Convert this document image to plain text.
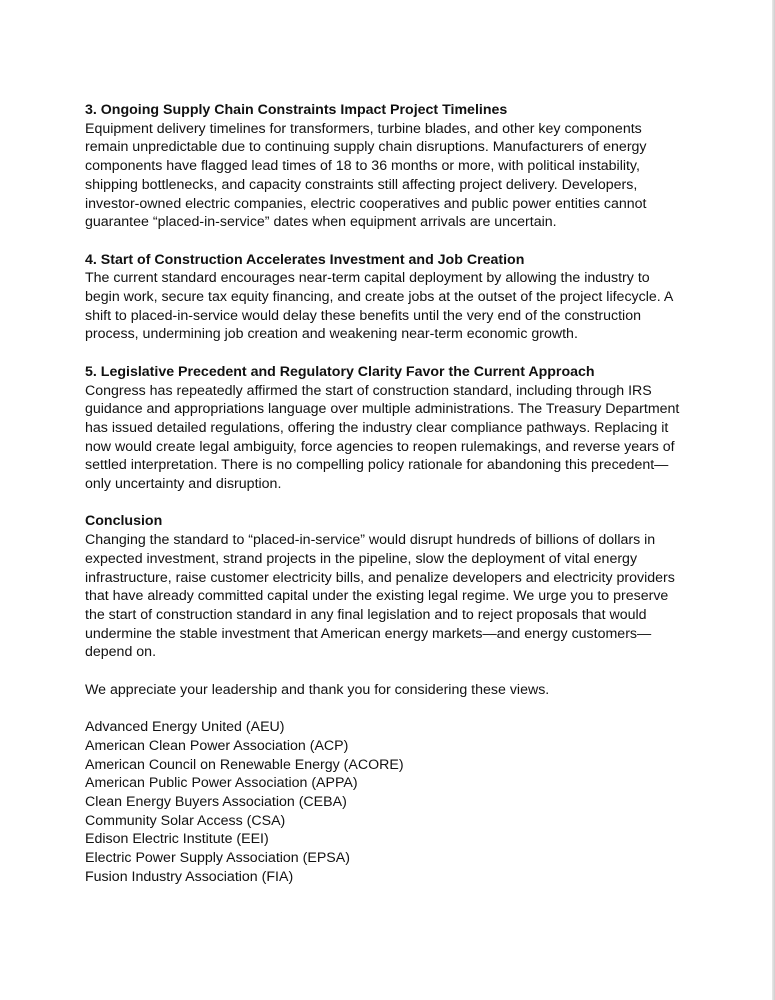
3. Ongoing Supply Chain Constraints Impact Project Timelines
Equipment delivery timelines for transformers, turbine blades, and other key components remain unpredictable due to continuing supply chain disruptions. Manufacturers of energy components have flagged lead times of 18 to 36 months or more, with political instability, shipping bottlenecks, and capacity constraints still affecting project delivery. Developers, investor-owned electric companies, electric cooperatives and public power entities cannot guarantee “placed-in-service” dates when equipment arrivals are uncertain.
4. Start of Construction Accelerates Investment and Job Creation
The current standard encourages near-term capital deployment by allowing the industry to begin work, secure tax equity financing, and create jobs at the outset of the project lifecycle. A shift to placed-in-service would delay these benefits until the very end of the construction process, undermining job creation and weakening near-term economic growth.
5. Legislative Precedent and Regulatory Clarity Favor the Current Approach
Congress has repeatedly affirmed the start of construction standard, including through IRS guidance and appropriations language over multiple administrations. The Treasury Department has issued detailed regulations, offering the industry clear compliance pathways. Replacing it now would create legal ambiguity, force agencies to reopen rulemakings, and reverse years of settled interpretation. There is no compelling policy rationale for abandoning this precedent—only uncertainty and disruption.
Conclusion
Changing the standard to “placed-in-service” would disrupt hundreds of billions of dollars in expected investment, strand projects in the pipeline, slow the deployment of vital energy infrastructure, raise customer electricity bills, and penalize developers and electricity providers that have already committed capital under the existing legal regime. We urge you to preserve the start of construction standard in any final legislation and to reject proposals that would undermine the stable investment that American energy markets—and energy customers—depend on.
We appreciate your leadership and thank you for considering these views.
Advanced Energy United (AEU)
American Clean Power Association (ACP)
American Council on Renewable Energy (ACORE)
American Public Power Association (APPA)
Clean Energy Buyers Association (CEBA)
Community Solar Access (CSA)
Edison Electric Institute (EEI)
Electric Power Supply Association (EPSA)
Fusion Industry Association (FIA)
